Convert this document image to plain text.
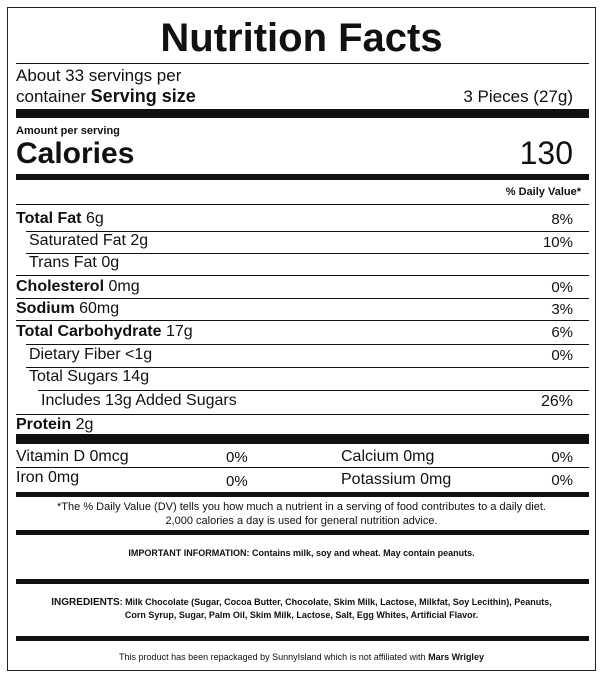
Nutrition Facts
About 33 servings per
container Serving size	3 Pieces (27g)
Amount per serving
Calories	130
% Daily Value*
Total Fat 6g	8%
Saturated Fat 2g	10%
Trans Fat 0g
Cholesterol 0mg	0%
Sodium 60mg	3%
Total Carbohydrate 17g	6%
Dietary Fiber <1g	0%
Total Sugars 14g
Includes 13g Added Sugars	26%
Protein 2g
Vitamin D 0mcg	0%	Calcium 0mg	0%
Iron 0mg	0%	Potassium 0mg	0%
*The % Daily Value (DV) tells you how much a nutrient in a serving of food contributes to a daily diet.
2,000 calories a day is used for general nutrition advice.
IMPORTANT INFORMATION: Contains milk, soy and wheat. May contain peanuts.
INGREDIENTS: Milk Chocolate (Sugar, Cocoa Butter, Chocolate, Skim Milk, Lactose, Milkfat, Soy Lecithin), Peanuts,
Corn Syrup, Sugar, Palm Oil, Skim Milk, Lactose, Salt, Egg Whites, Artificial Flavor.
This product has been repackaged by SunnyIsland which is not affiliated with Mars Wrigley
